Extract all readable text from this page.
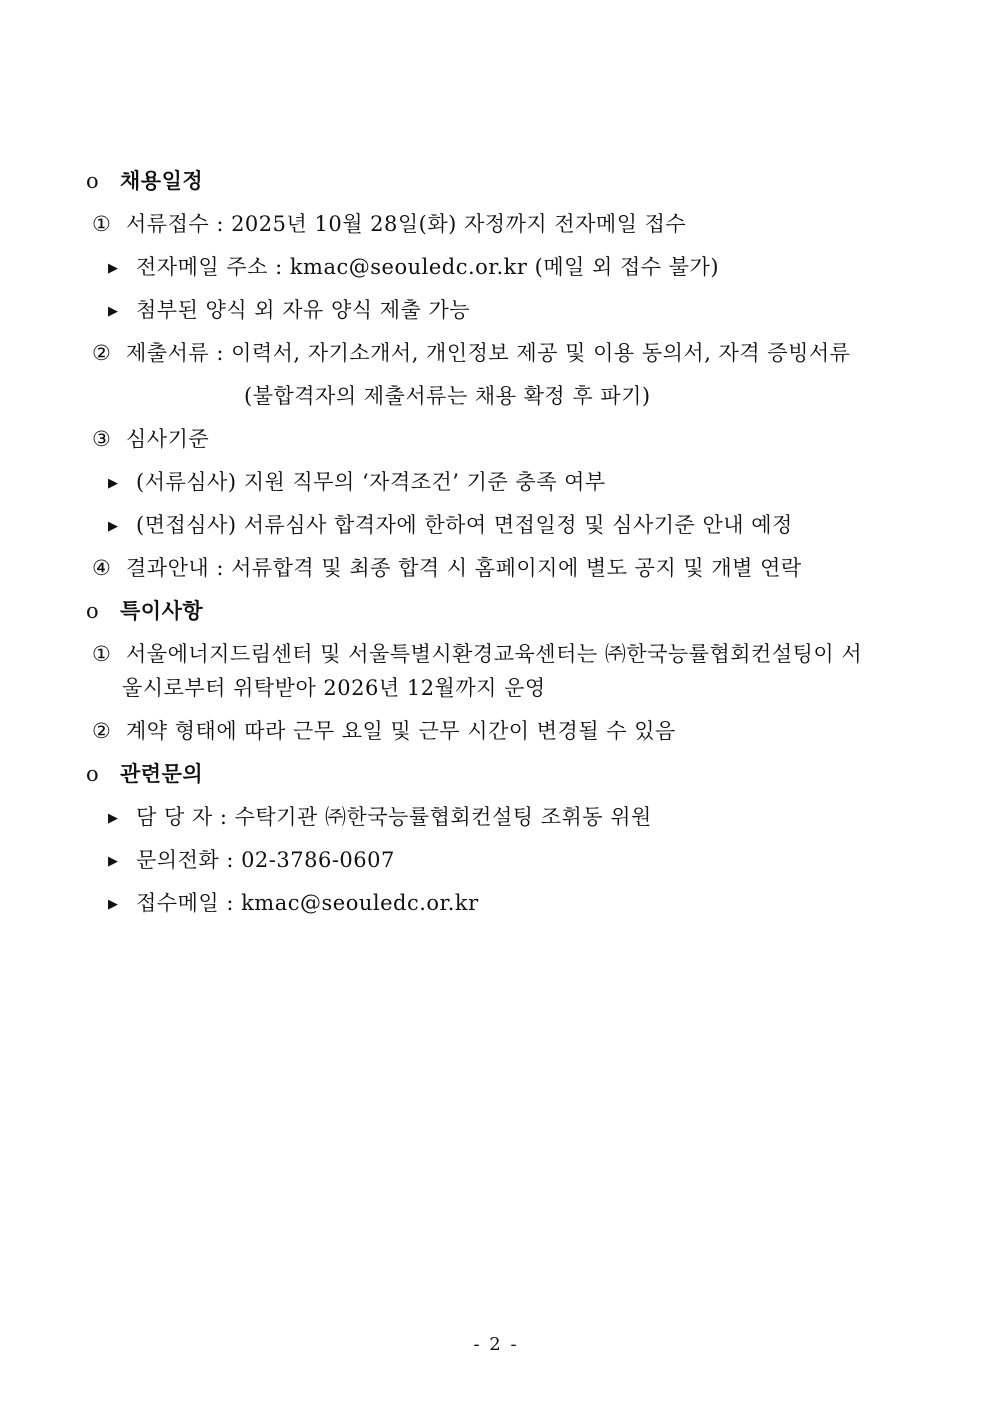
o 채용일정
① 서류접수 : 2025년 10월 28일(화) 자정까지 전자메일 접수
▶ 전자메일 주소 : kmac@seouledc.or.kr (메일 외 접수 불가)
▶ 첨부된 양식 외 자유 양식 제출 가능
② 제출서류 : 이력서, 자기소개서, 개인정보 제공 및 이용 동의서, 자격 증빙서류
(불합격자의 제출서류는 채용 확정 후 파기)
③ 심사기준
▶ (서류심사) 지원 직무의 ‘자격조건’ 기준 충족 여부
▶ (면접심사) 서류심사 합격자에 한하여 면접일정 및 심사기준 안내 예정
④ 결과안내 : 서류합격 및 최종 합격 시 홈페이지에 별도 공지 및 개별 연락
o 특이사항
① 서울에너지드림센터 및 서울특별시환경교육센터는 ㈜한국능률협회컨설팅이 서
울시로부터 위탁받아 2026년 12월까지 운영
② 계약 형태에 따라 근무 요일 및 근무 시간이 변경될 수 있음
o 관련문의
▶ 담 당 자 : 수탁기관 ㈜한국능률협회컨설팅 조휘동 위원
▶ 문의전화 : 02-3786-0607
▶ 접수메일 : kmac@seouledc.or.kr
- 2 -
